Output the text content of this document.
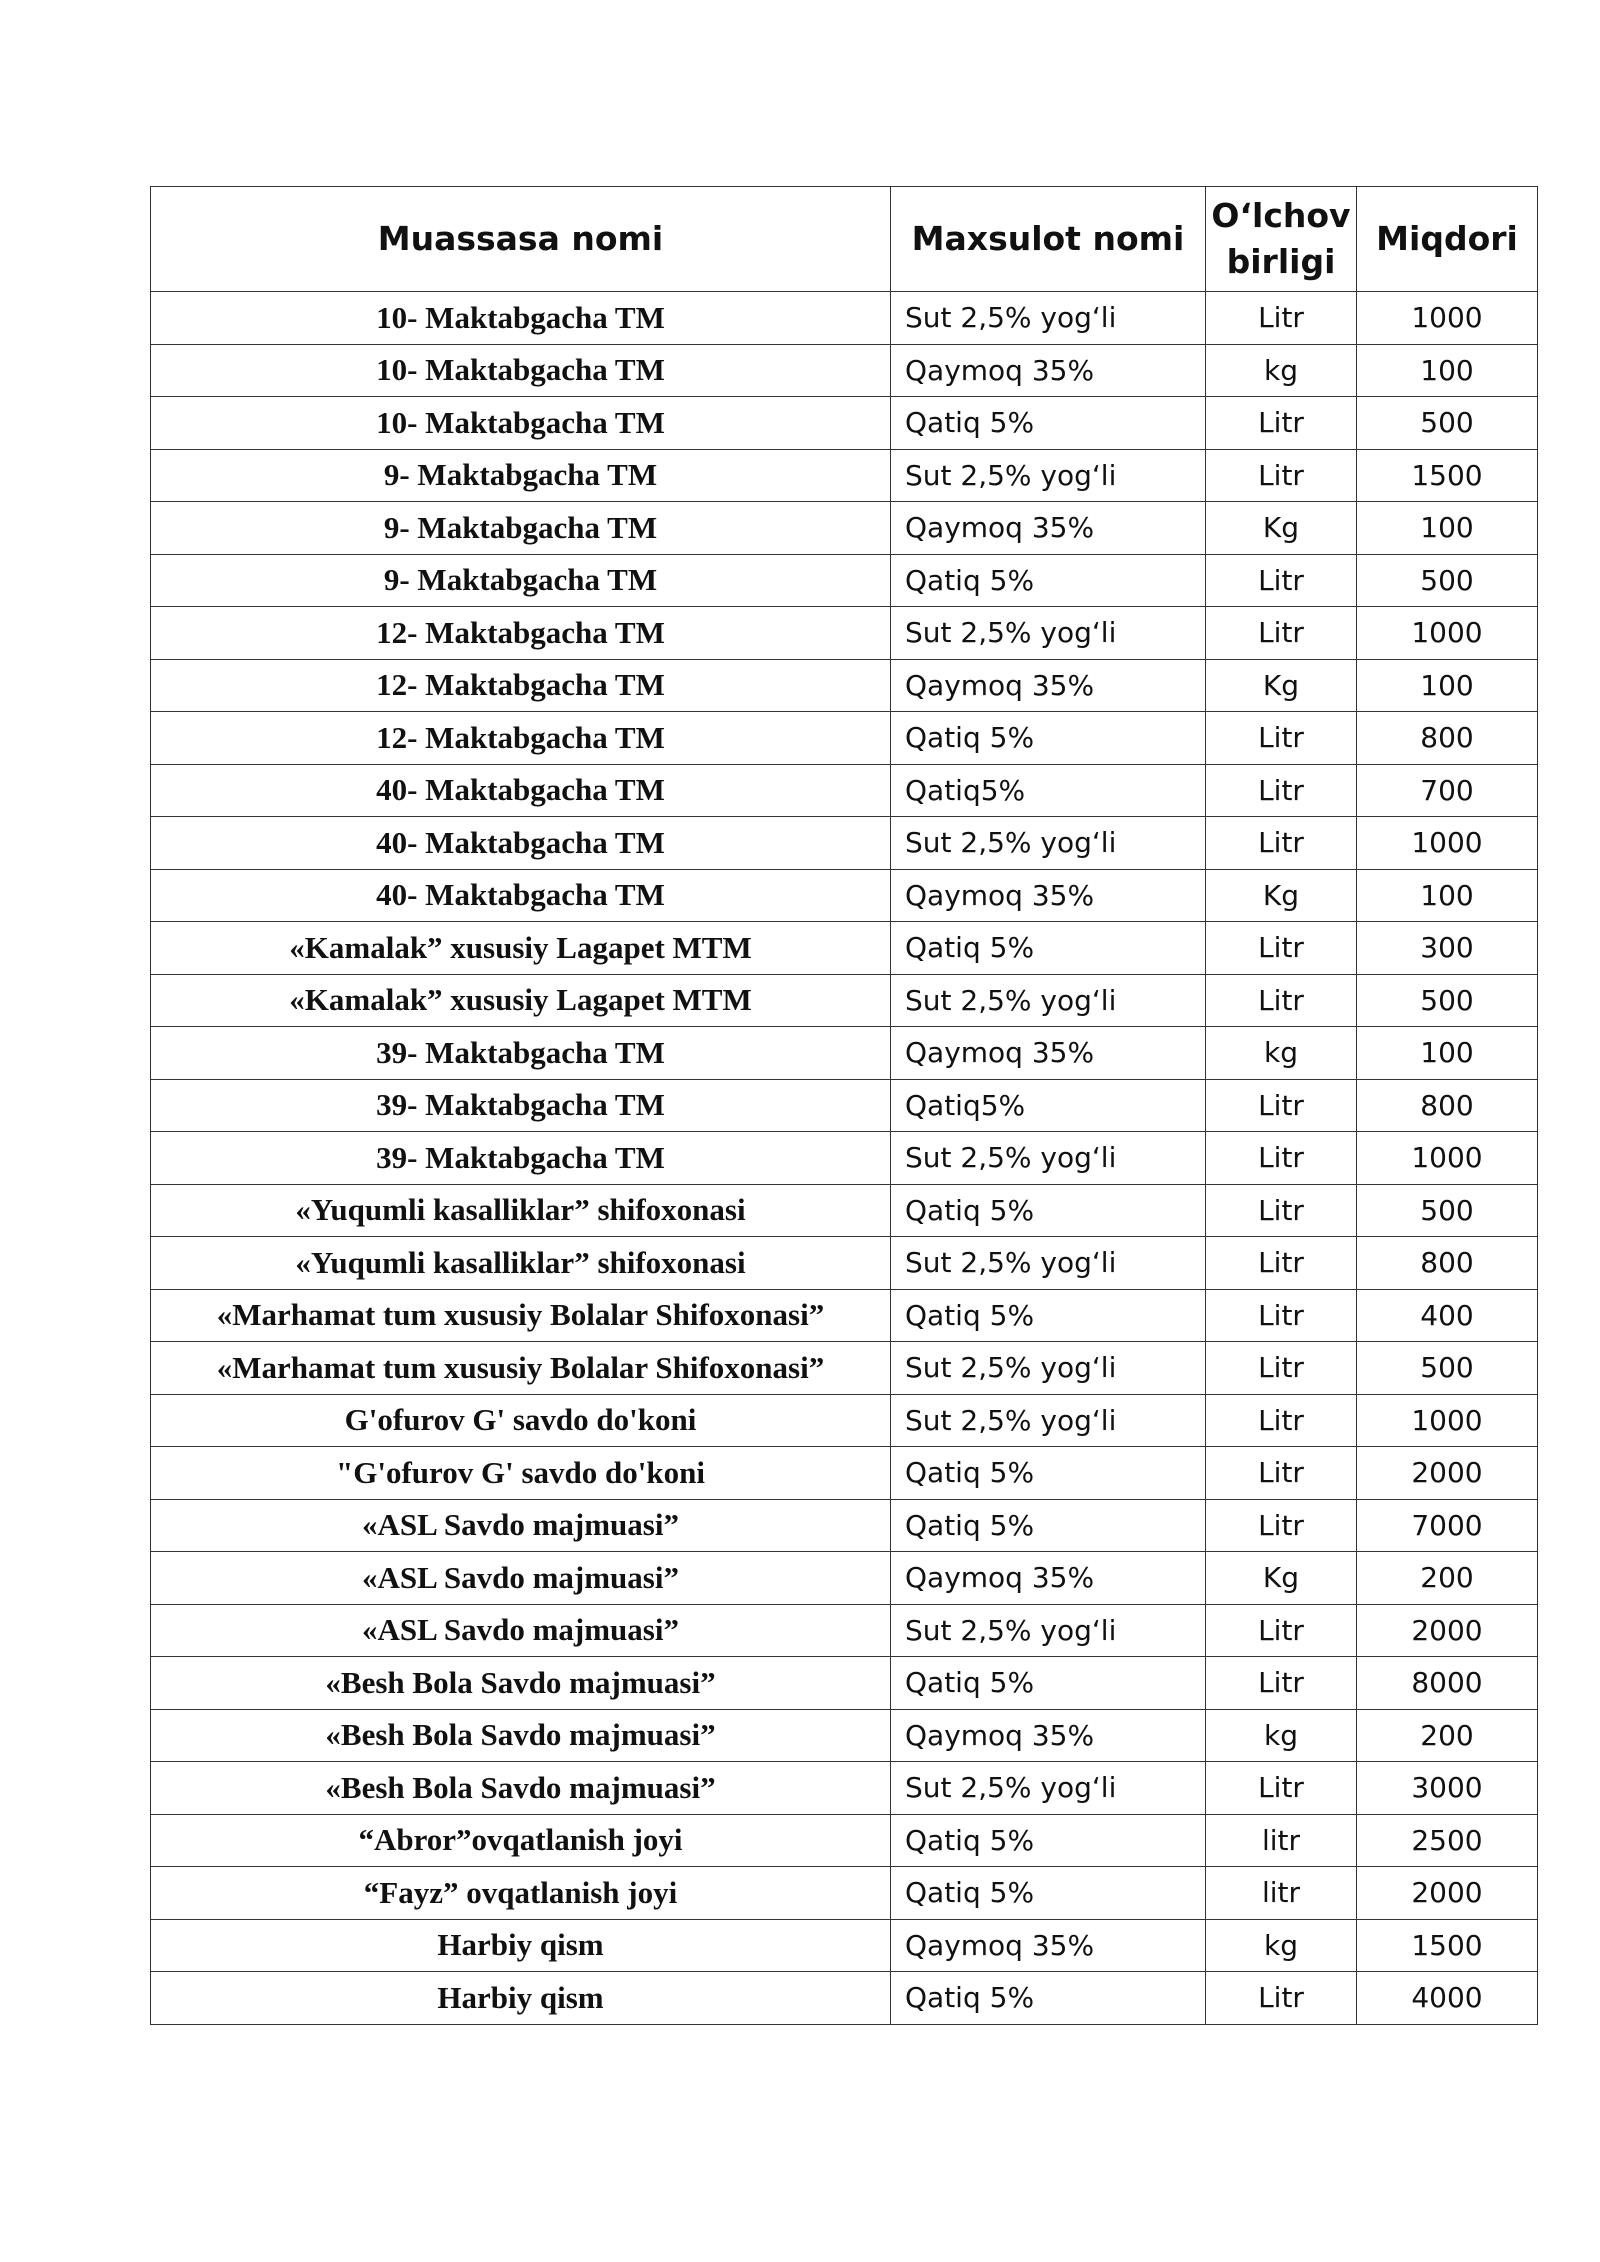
Muassasa nomi	Maxsulot nomi	O‘lchov birligi	Miqdori
10- Maktabgacha TM	Sut 2,5% yog‘li	Litr	1000
10- Maktabgacha TM	Qaymoq 35%	kg	100
10- Maktabgacha TM	Qatiq 5%	Litr	500
9- Maktabgacha TM	Sut 2,5% yog‘li	Litr	1500
9- Maktabgacha TM	Qaymoq 35%	Kg	100
9- Maktabgacha TM	Qatiq 5%	Litr	500
12- Maktabgacha TM	Sut 2,5% yog‘li	Litr	1000
12- Maktabgacha TM	Qaymoq 35%	Kg	100
12- Maktabgacha TM	Qatiq 5%	Litr	800
40- Maktabgacha TM	Qatiq5%	Litr	700
40- Maktabgacha TM	Sut 2,5% yog‘li	Litr	1000
40- Maktabgacha TM	Qaymoq 35%	Kg	100
«Kamalak” xususiy Lagapet MTM	Qatiq 5%	Litr	300
«Kamalak” xususiy Lagapet MTM	Sut 2,5% yog‘li	Litr	500
39- Maktabgacha TM	Qaymoq 35%	kg	100
39- Maktabgacha TM	Qatiq5%	Litr	800
39- Maktabgacha TM	Sut 2,5% yog‘li	Litr	1000
«Yuqumli kasalliklar” shifoxonasi	Qatiq 5%	Litr	500
«Yuqumli kasalliklar” shifoxonasi	Sut 2,5% yog‘li	Litr	800
«Marhamat tum xususiy Bolalar Shifoxonasi”	Qatiq 5%	Litr	400
«Marhamat tum xususiy Bolalar Shifoxonasi”	Sut 2,5% yog‘li	Litr	500
G'ofurov G' savdo do'koni	Sut 2,5% yog‘li	Litr	1000
"G'ofurov G' savdo do'koni	Qatiq 5%	Litr	2000
«ASL Savdo majmuasi”	Qatiq 5%	Litr	7000
«ASL Savdo majmuasi”	Qaymoq 35%	Kg	200
«ASL Savdo majmuasi”	Sut 2,5% yog‘li	Litr	2000
«Besh Bola Savdo majmuasi”	Qatiq 5%	Litr	8000
«Besh Bola Savdo majmuasi”	Qaymoq 35%	kg	200
«Besh Bola Savdo majmuasi”	Sut 2,5% yog‘li	Litr	3000
“Abror”ovqatlanish joyi	Qatiq 5%	litr	2500
“Fayz” ovqatlanish joyi	Qatiq 5%	litr	2000
Harbiy qism	Qaymoq 35%	kg	1500
Harbiy qism	Qatiq 5%	Litr	4000
